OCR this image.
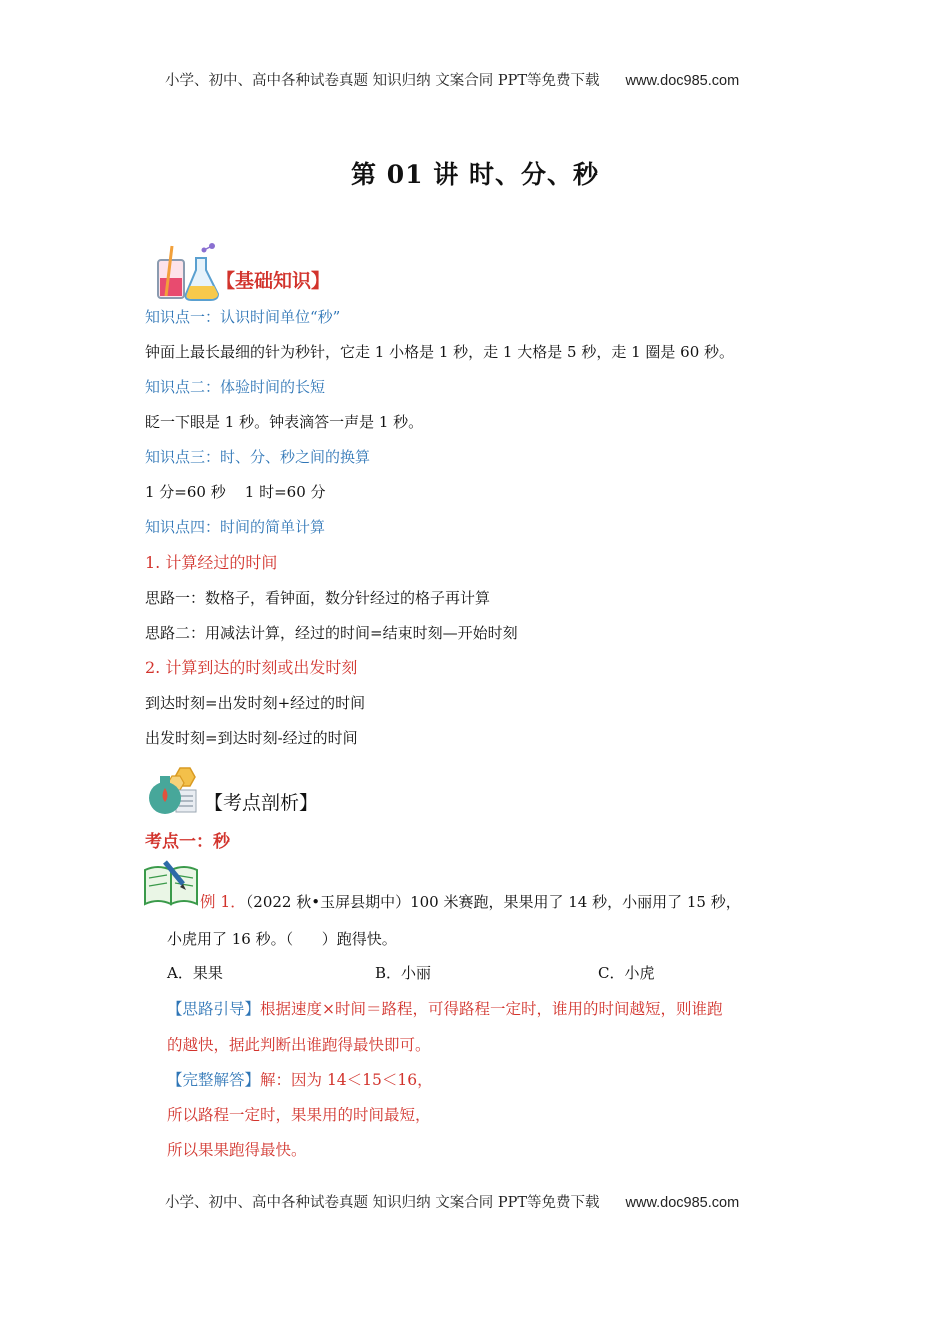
小学、初中、高中各种试卷真题 知识归纳 文案合同 PPT等免费下载 www.doc985.com
第 01 讲 时、分、秒
【基础知识】
知识点一：认识时间单位“秒”
钟面上最长最细的针为秒针，它走 1 小格是 1 秒，走 1 大格是 5 秒，走 1 圈是 60 秒。
知识点二：体验时间的长短
眨一下眼是 1 秒。钟表滴答一声是 1 秒。
知识点三：时、分、秒之间的换算
1 分=60 秒    1 时=60 分
知识点四：时间的简单计算
1. 计算经过的时间
思路一：数格子，看钟面，数分针经过的格子再计算
思路二：用减法计算，经过的时间=结束时刻—开始时刻
2. 计算到达的时刻或出发时刻
到达时刻=出发时刻+经过的时间
出发时刻=到达时刻-经过的时间
【考点剖析】
考点一：秒
例 1．（2022 秋•玉屏县期中）100 米赛跑，果果用了 14 秒，小丽用了 15 秒，
小虎用了 16 秒。（      ）跑得快。
A．果果	B．小丽	C．小虎
【思路引导】根据速度×时间＝路程，可得路程一定时，谁用的时间越短，则谁跑
的越快，据此判断出谁跑得最快即可。
【完整解答】解：因为 14＜15＜16，
所以路程一定时，果果用的时间最短，
所以果果跑得最快。
小学、初中、高中各种试卷真题 知识归纳 文案合同 PPT等免费下载 www.doc985.com
